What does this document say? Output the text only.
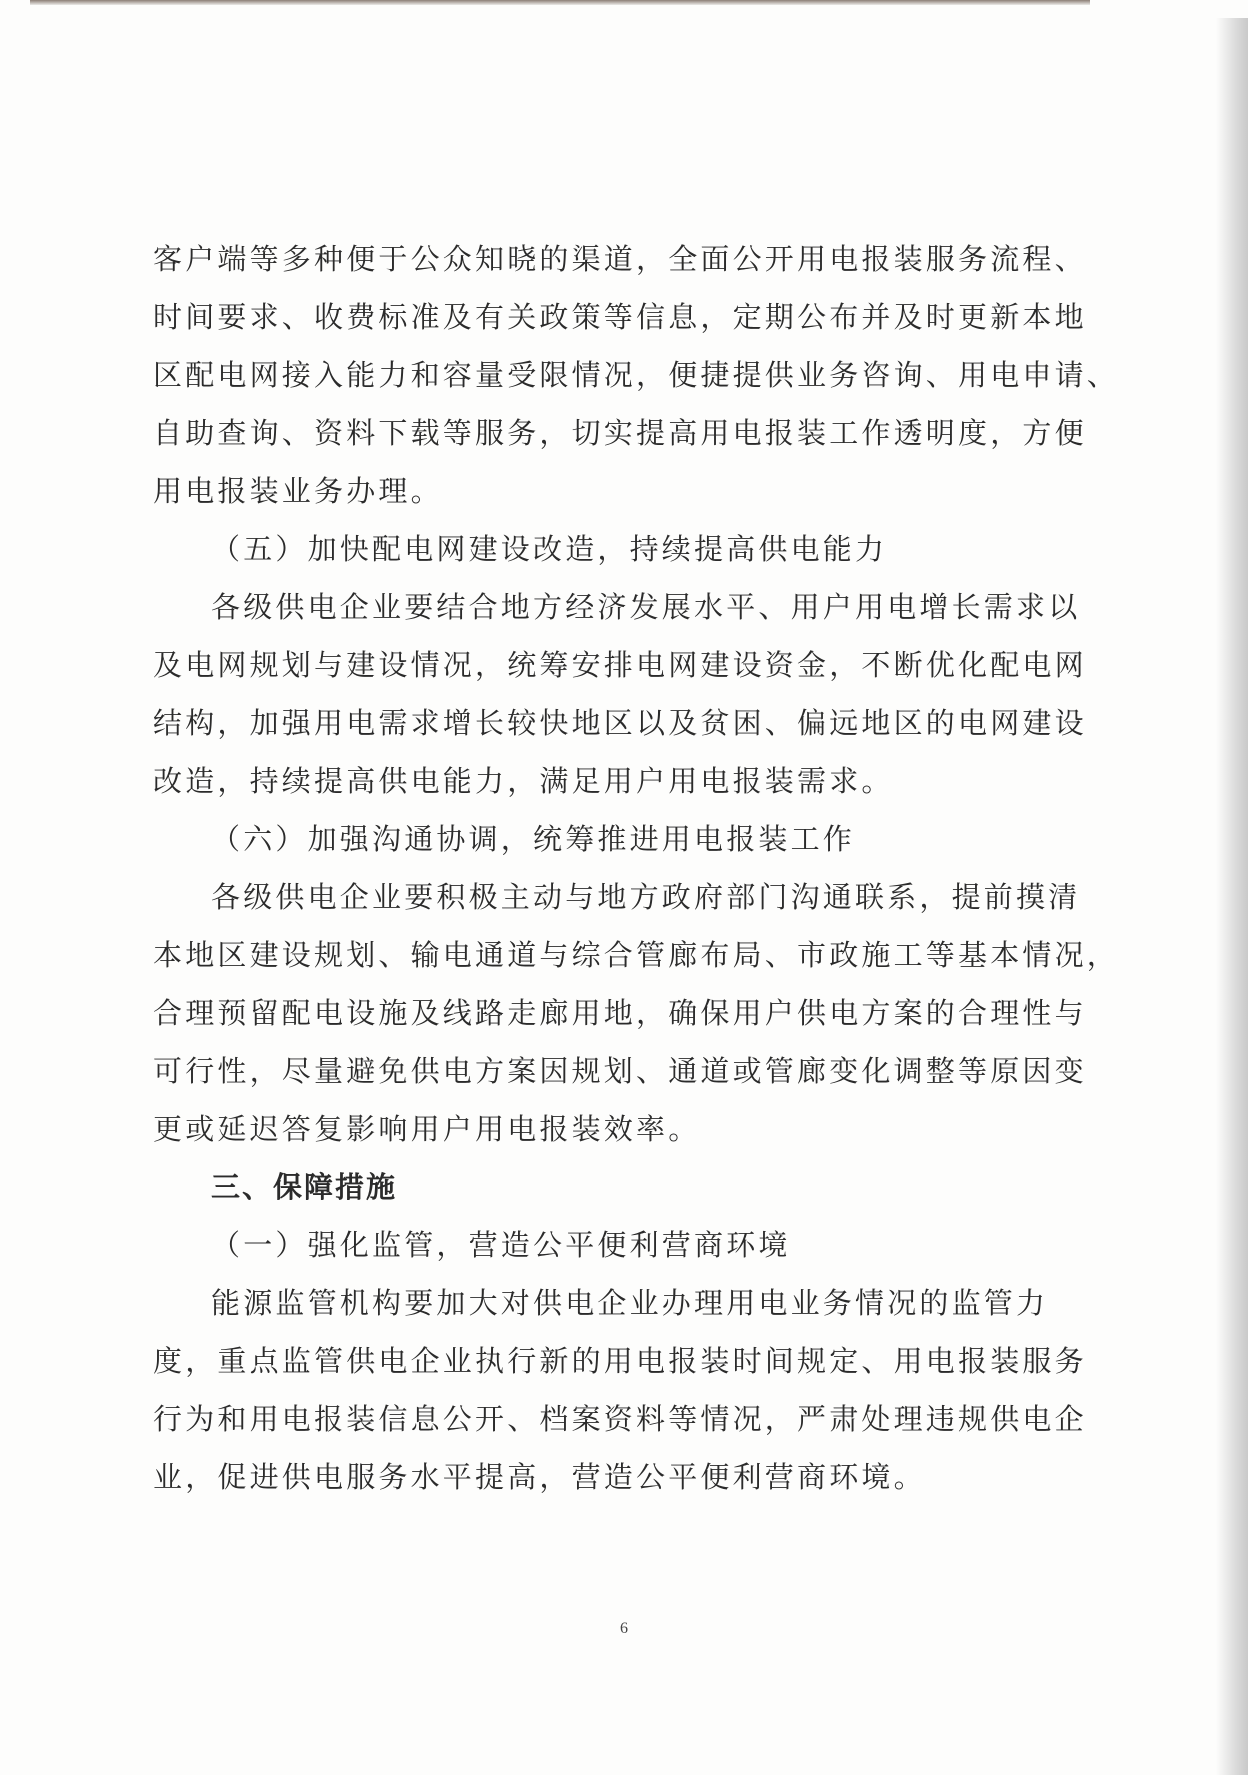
客户端等多种便于公众知晓的渠道，全面公开用电报装服务流程、
时间要求、收费标准及有关政策等信息，定期公布并及时更新本地
区配电网接入能力和容量受限情况，便捷提供业务咨询、用电申请、
自助查询、资料下载等服务，切实提高用电报装工作透明度，方便
用电报装业务办理。
（五）加快配电网建设改造，持续提高供电能力
各级供电企业要结合地方经济发展水平、用户用电增长需求以
及电网规划与建设情况，统筹安排电网建设资金，不断优化配电网
结构，加强用电需求增长较快地区以及贫困、偏远地区的电网建设
改造，持续提高供电能力，满足用户用电报装需求。
（六）加强沟通协调，统筹推进用电报装工作
各级供电企业要积极主动与地方政府部门沟通联系，提前摸清
本地区建设规划、输电通道与综合管廊布局、市政施工等基本情况，
合理预留配电设施及线路走廊用地，确保用户供电方案的合理性与
可行性，尽量避免供电方案因规划、通道或管廊变化调整等原因变
更或延迟答复影响用户用电报装效率。
三、保障措施
（一）强化监管，营造公平便利营商环境
能源监管机构要加大对供电企业办理用电业务情况的监管力
度，重点监管供电企业执行新的用电报装时间规定、用电报装服务
行为和用电报装信息公开、档案资料等情况，严肃处理违规供电企
业，促进供电服务水平提高，营造公平便利营商环境。
6
